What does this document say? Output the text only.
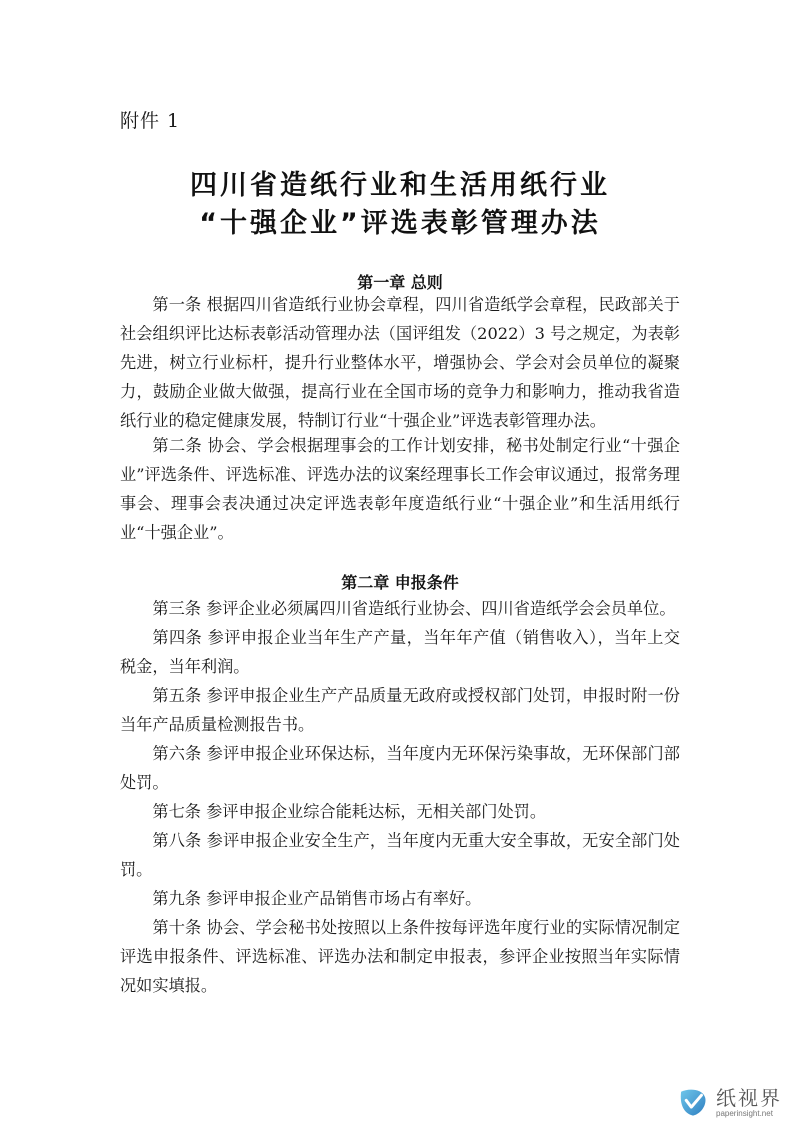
附件 1
四川省造纸行业和生活用纸行业
“十强企业”评选表彰管理办法
第一章 总则

第一条 根据四川省造纸行业协会章程，四川省造纸学会章程，民政部关于社会组织评比达标表彰活动管理办法（国评组发（2022）3 号之规定，为表彰先进，树立行业标杆，提升行业整体水平，增强协会、学会对会员单位的凝聚力，鼓励企业做大做强，提高行业在全国市场的竞争力和影响力，推动我省造纸行业的稳定健康发展，特制订行业“十强企业”评选表彰管理办法。

第二条 协会、学会根据理事会的工作计划安排，秘书处制定行业“十强企业”评选条件、评选标准、评选办法的议案经理事长工作会审议通过，报常务理事会、理事会表决通过决定评选表彰年度造纸行业“十强企业”和生活用纸行业“十强企业”。

第二章 申报条件

第三条 参评企业必须属四川省造纸行业协会、四川省造纸学会会员单位。

第四条 参评申报企业当年生产产量，当年年产值（销售收入），当年上交税金，当年利润。

第五条 参评申报企业生产产品质量无政府或授权部门处罚，申报时附一份当年产品质量检测报告书。

第六条 参评申报企业环保达标，当年度内无环保污染事故，无环保部门部处罚。

第七条 参评申报企业综合能耗达标，无相关部门处罚。

第八条 参评申报企业安全生产，当年度内无重大安全事故，无安全部门处罚。

第九条 参评申报企业产品销售市场占有率好。

第十条 协会、学会秘书处按照以上条件按每评选年度行业的实际情况制定评选申报条件、评选标准、评选办法和制定申报表，参评企业按照当年实际情况如实填报。

纸视界
paperinsight.net
